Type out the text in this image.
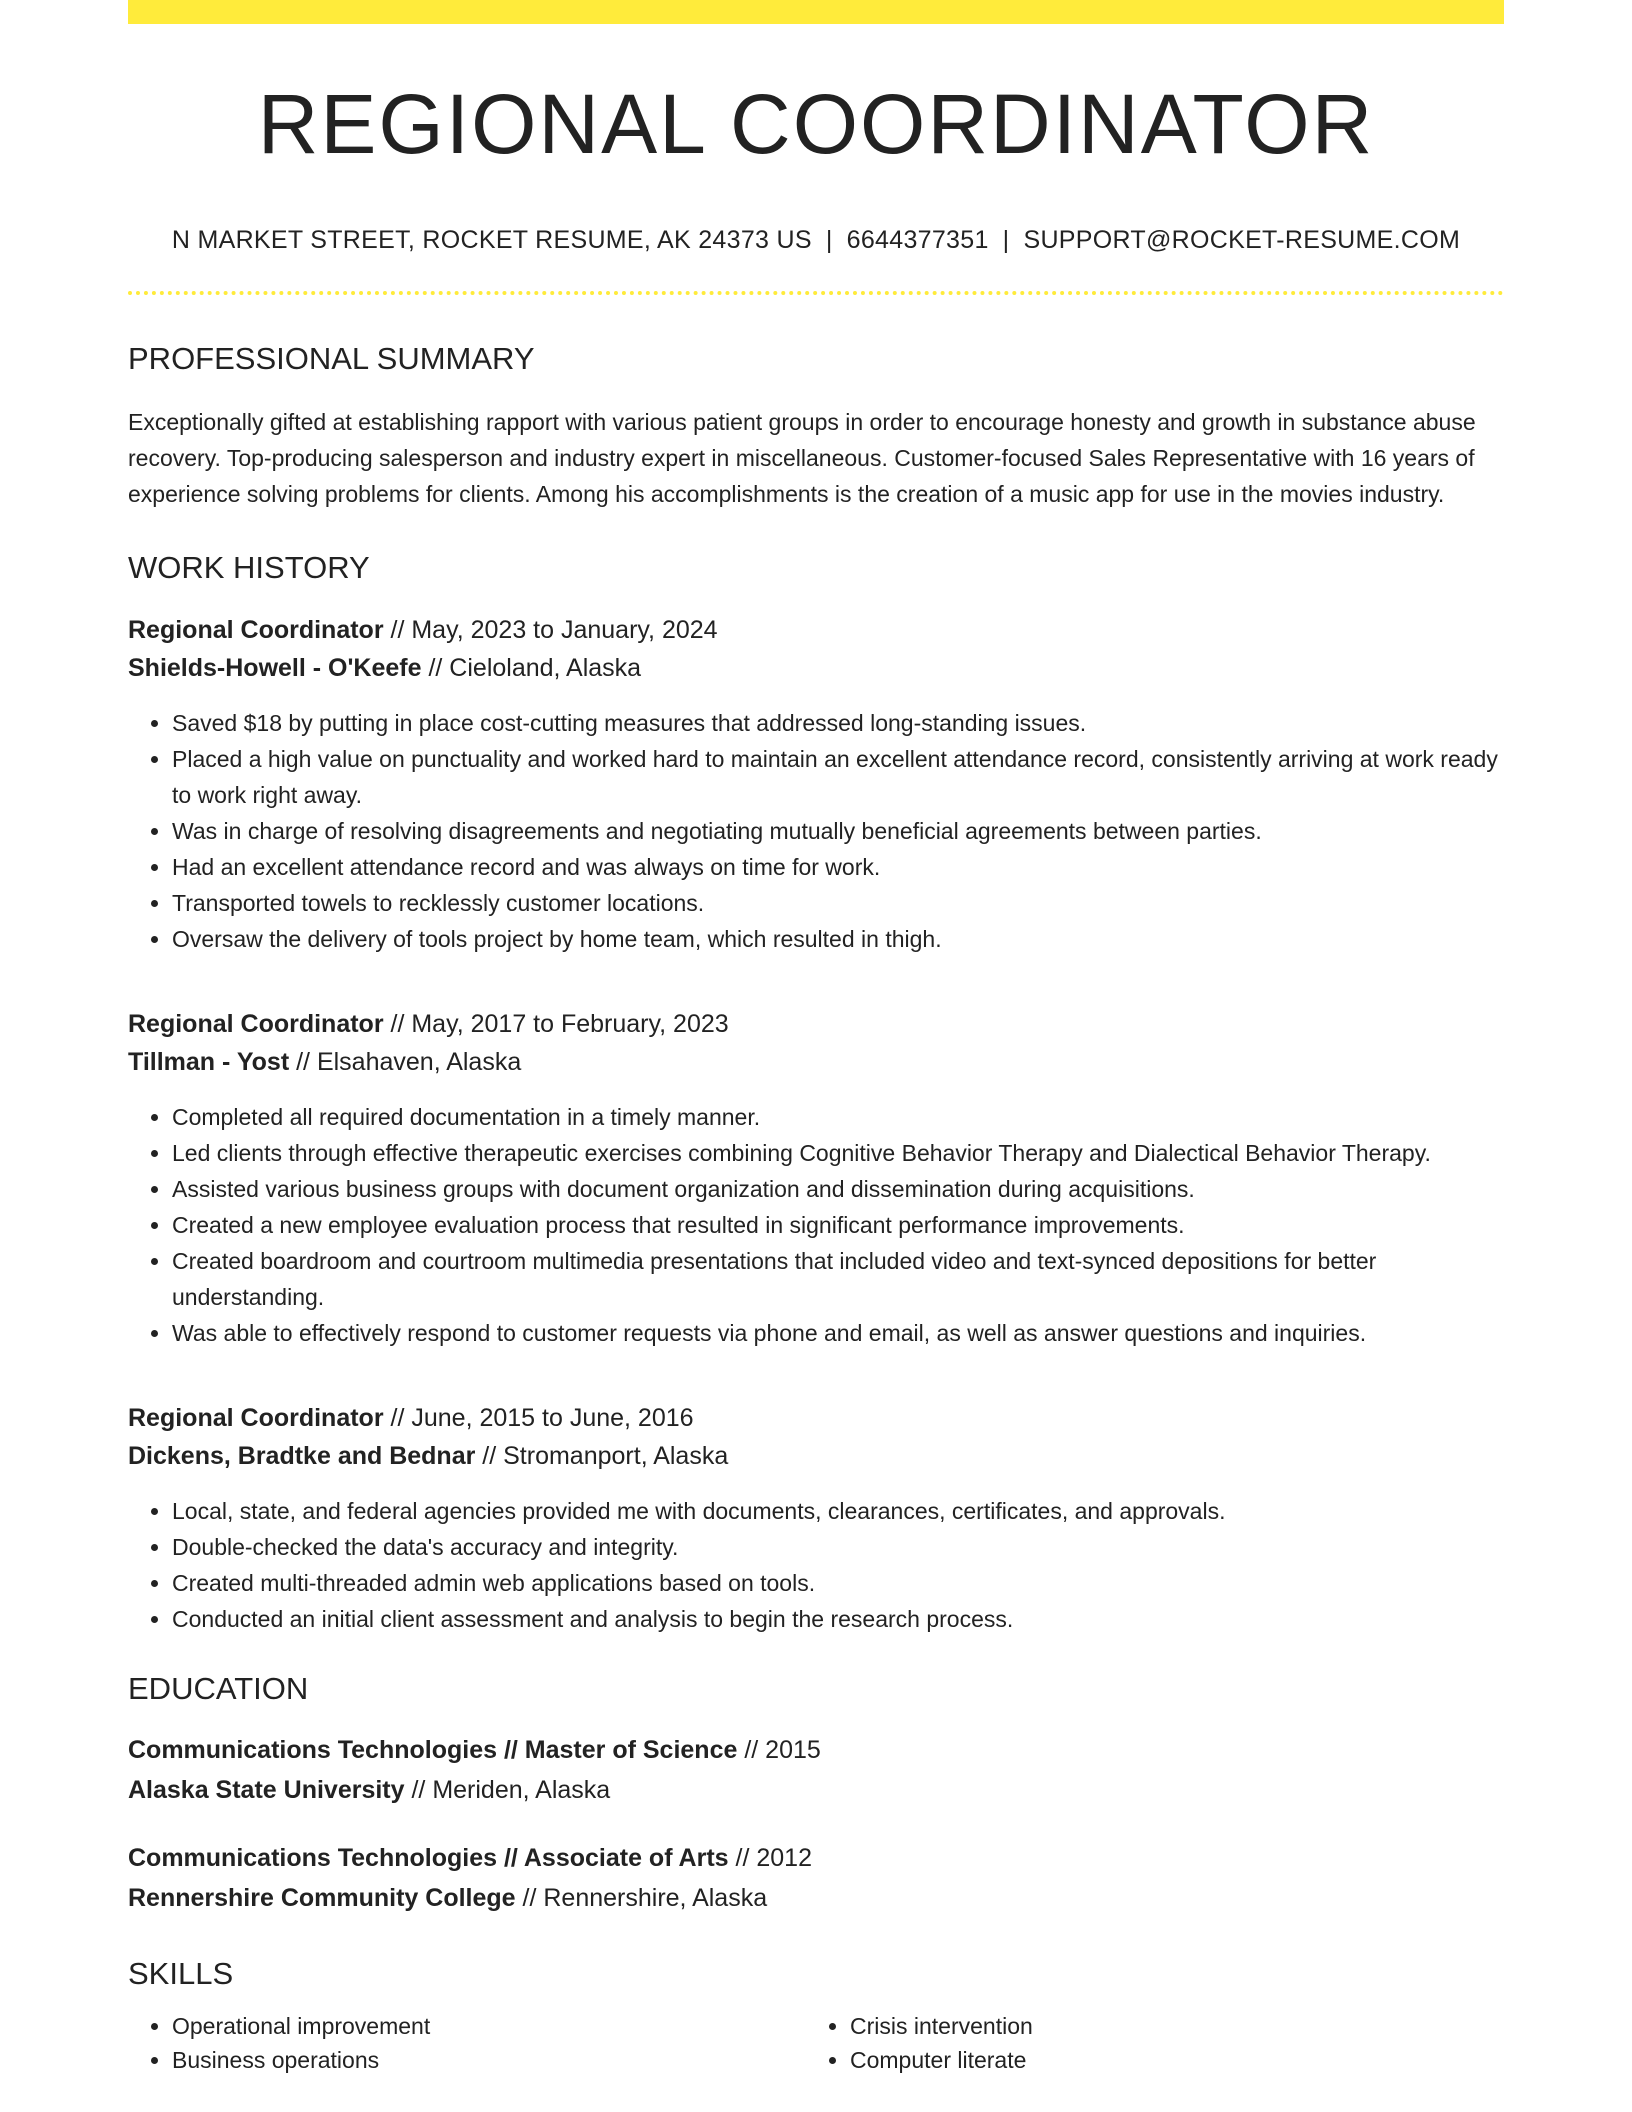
REGIONAL COORDINATOR
N MARKET STREET, ROCKET RESUME, AK 24373 US | 6644377351 | SUPPORT@ROCKET-RESUME.COM
PROFESSIONAL SUMMARY

Exceptionally gifted at establishing rapport with various patient groups in order to encourage honesty and growth in substance abuse recovery. Top-producing salesperson and industry expert in miscellaneous. Customer-focused Sales Representative with 16 years of experience solving problems for clients. Among his accomplishments is the creation of a music app for use in the movies industry.

WORK HISTORY
Regional Coordinator // May, 2023 to January, 2024
Shields-Howell - O'Keefe // Cieloland, Alaska
• Saved $18 by putting in place cost-cutting measures that addressed long-standing issues.
• Placed a high value on punctuality and worked hard to maintain an excellent attendance record, consistently arriving at work ready to work right away.
• Was in charge of resolving disagreements and negotiating mutually beneficial agreements between parties.
• Had an excellent attendance record and was always on time for work.
• Transported towels to recklessly customer locations.
• Oversaw the delivery of tools project by home team, which resulted in thigh.
Regional Coordinator // May, 2017 to February, 2023
Tillman - Yost // Elsahaven, Alaska
• Completed all required documentation in a timely manner.
• Led clients through effective therapeutic exercises combining Cognitive Behavior Therapy and Dialectical Behavior Therapy.
• Assisted various business groups with document organization and dissemination during acquisitions.
• Created a new employee evaluation process that resulted in significant performance improvements.
• Created boardroom and courtroom multimedia presentations that included video and text-synced depositions for better understanding.
• Was able to effectively respond to customer requests via phone and email, as well as answer questions and inquiries.
Regional Coordinator // June, 2015 to June, 2016
Dickens, Bradtke and Bednar // Stromanport, Alaska
• Local, state, and federal agencies provided me with documents, clearances, certificates, and approvals.
• Double-checked the data's accuracy and integrity.
• Created multi-threaded admin web applications based on tools.
• Conducted an initial client assessment and analysis to begin the research process.
EDUCATION
Communications Technologies // Master of Science // 2015
Alaska State University // Meriden, Alaska
Communications Technologies // Associate of Arts // 2012
Rennershire Community College // Rennershire, Alaska
SKILLS
• Operational improvement
• Business operations
• Crisis intervention
• Computer literate
